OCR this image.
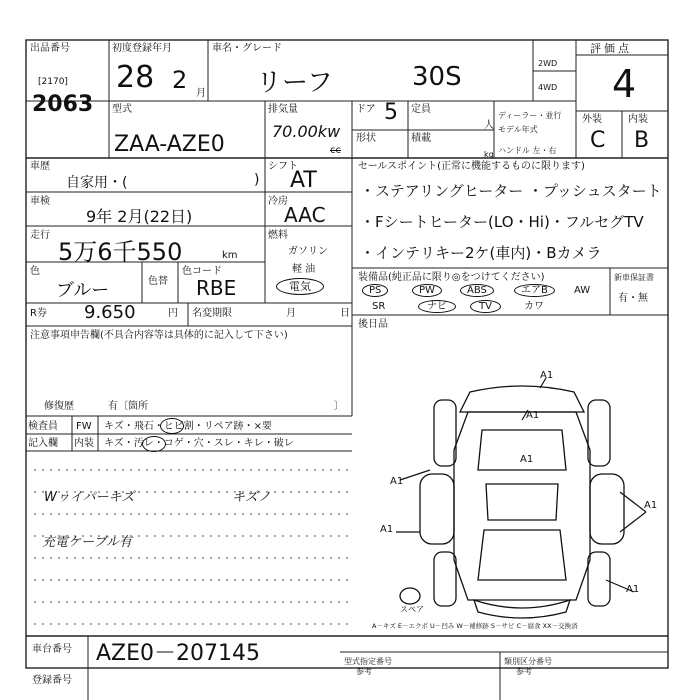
出品番号
[2170]
2063
初度登録年月
28 2 月
車名・グレード
リーフ	30S	2WD
4WD
評価点
4
外装	内装
C B
型式
ZAA-AZE0
排気量
70.00kw
cc
ドア 5
形状
定員
人
積載
kg
ディーラー・並行
モデル年式
ハンドル 左・右
車歴
自家用・(	)
車検
9年 2月(22日)
走行
5万6千550	km
色
ブルー	色替
色コード
RBE
R券 9.650	円 名変期限	月	日
シフト
AT
冷房
AAC
燃料
ガソリン
軽 油
電気
セールスポイント(正常に機能するものに限ります)
・ステアリングヒーター ・プッシュスタート
・Fシートヒーター(LO・Hi)・フルセグTV
・インテリキー2ケ(車内)・Bカメラ
装備品(純正品に限り◎をつけてください)
PS	PW	ABS	エアB	AW
SR	ナビ	TV	カワ
新車保証書
有・無
後日品
注意事項申告欄(不具合内容等は具体的に記入して下さい)
修復歴	有〔箇所	〕
検査員
記入欄
FW キズ・飛石・ヒビ割・リペア跡・×要
内装 キズ・汚レ・コゲ・穴・スレ・キレ・破レ
Wヮイパーキズ	キズノ
充電ケーブル有
A1
A1
A1
A1
A1
A1
A1
スペア
A－キズ E－エクボ U－凹み W－補修跡 S－サビ C－腐食 XX－交換済
車台番号 AZE0－207145
登録番号
型式指定番号
参考
類別区分番号
参考
